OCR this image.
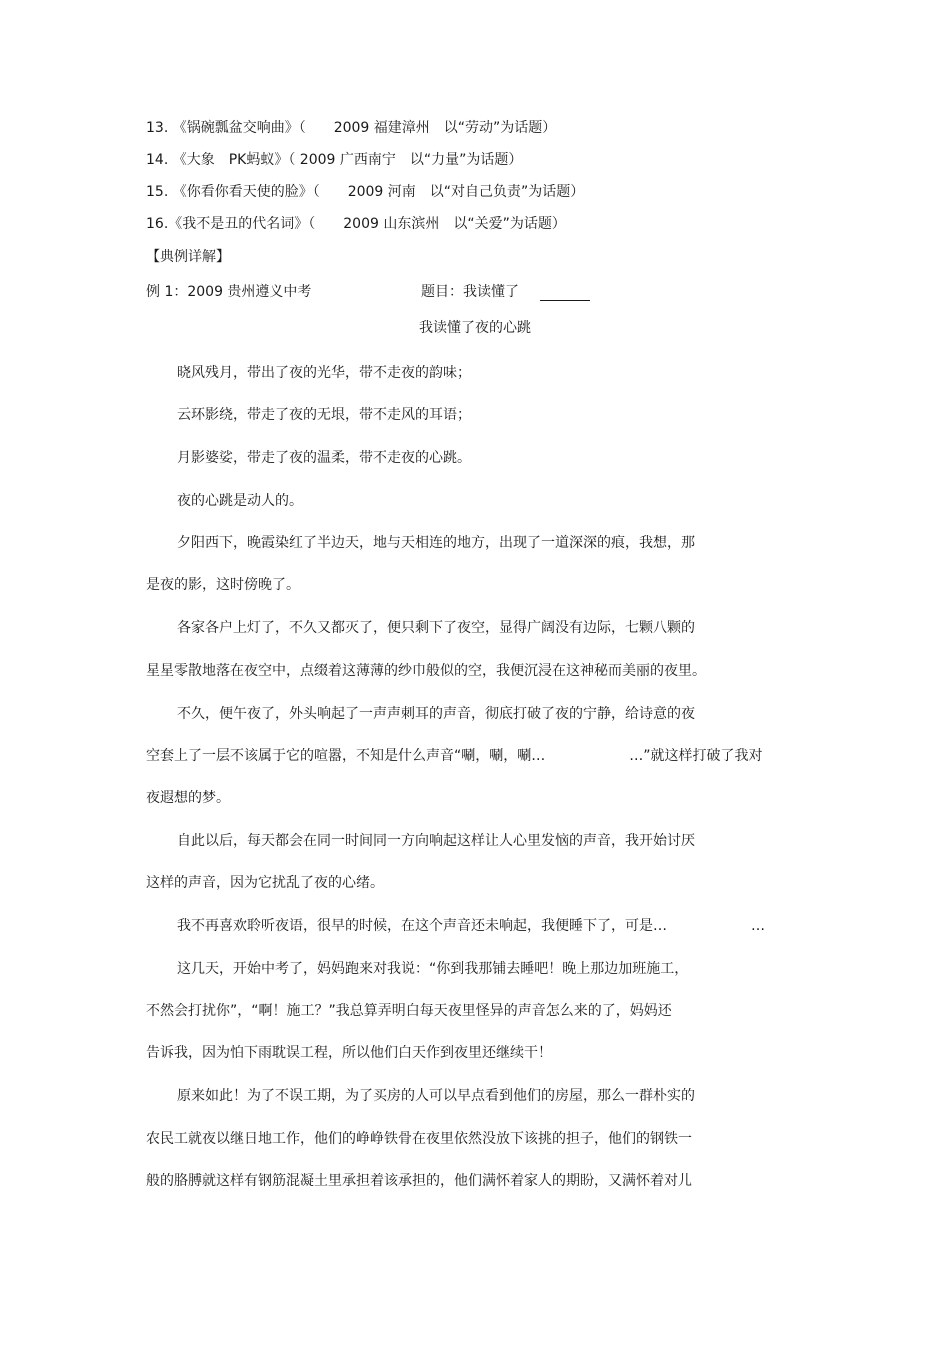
13. 《锅碗瓢盆交响曲》（　　2009 福建漳州　以“劳动”为话题）
14. 《大象　PK蚂蚁》（ 2009 广西南宁　以“力量”为话题）
15. 《你看你看天使的脸》（　　2009 河南　以“对自己负责”为话题）
16.《我不是丑的代名词》（　　2009 山东滨州　以“关爱”为话题）
【典例详解】
例 1：2009 贵州遵义中考	题目：我读懂了
我读懂了夜的心跳
晓风残月，带出了夜的光华，带不走夜的韵味；
云环影绕，带走了夜的无垠，带不走风的耳语；
月影婆娑，带走了夜的温柔，带不走夜的心跳。
夜的心跳是动人的。
夕阳西下，晚霞染红了半边天，地与天相连的地方，出现了一道深深的痕，我想，那
是夜的影，这时傍晚了。
各家各户上灯了，不久又都灭了，便只剩下了夜空，显得广阔没有边际，七颗八颗的
星星零散地落在夜空中，点缀着这薄薄的纱巾般似的空，我便沉浸在这神秘而美丽的夜里。
不久，便午夜了，外头响起了一声声刺耳的声音，彻底打破了夜的宁静，给诗意的夜
空套上了一层不该属于它的喧嚣，不知是什么声音“唰，唰，唰…　　　　　　…”就这样打破了我对
夜遐想的梦。
自此以后，每天都会在同一时间同一方向响起这样让人心里发恼的声音，我开始讨厌
这样的声音，因为它扰乱了夜的心绪。
我不再喜欢聆听夜语，很早的时候，在这个声音还未响起，我便睡下了，可是…　　　　　　…
这几天，开始中考了，妈妈跑来对我说：“你到我那铺去睡吧！晚上那边加班施工，
不然会打扰你”，“啊！施工？”我总算弄明白每天夜里怪异的声音怎么来的了，妈妈还
告诉我，因为怕下雨耽误工程，所以他们白天作到夜里还继续干！
原来如此！为了不误工期，为了买房的人可以早点看到他们的房屋，那么一群朴实的
农民工就夜以继日地工作，他们的峥峥铁骨在夜里依然没放下该挑的担子，他们的钢铁一
般的胳膊就这样有钢筋混凝土里承担着该承担的，他们满怀着家人的期盼，又满怀着对儿
